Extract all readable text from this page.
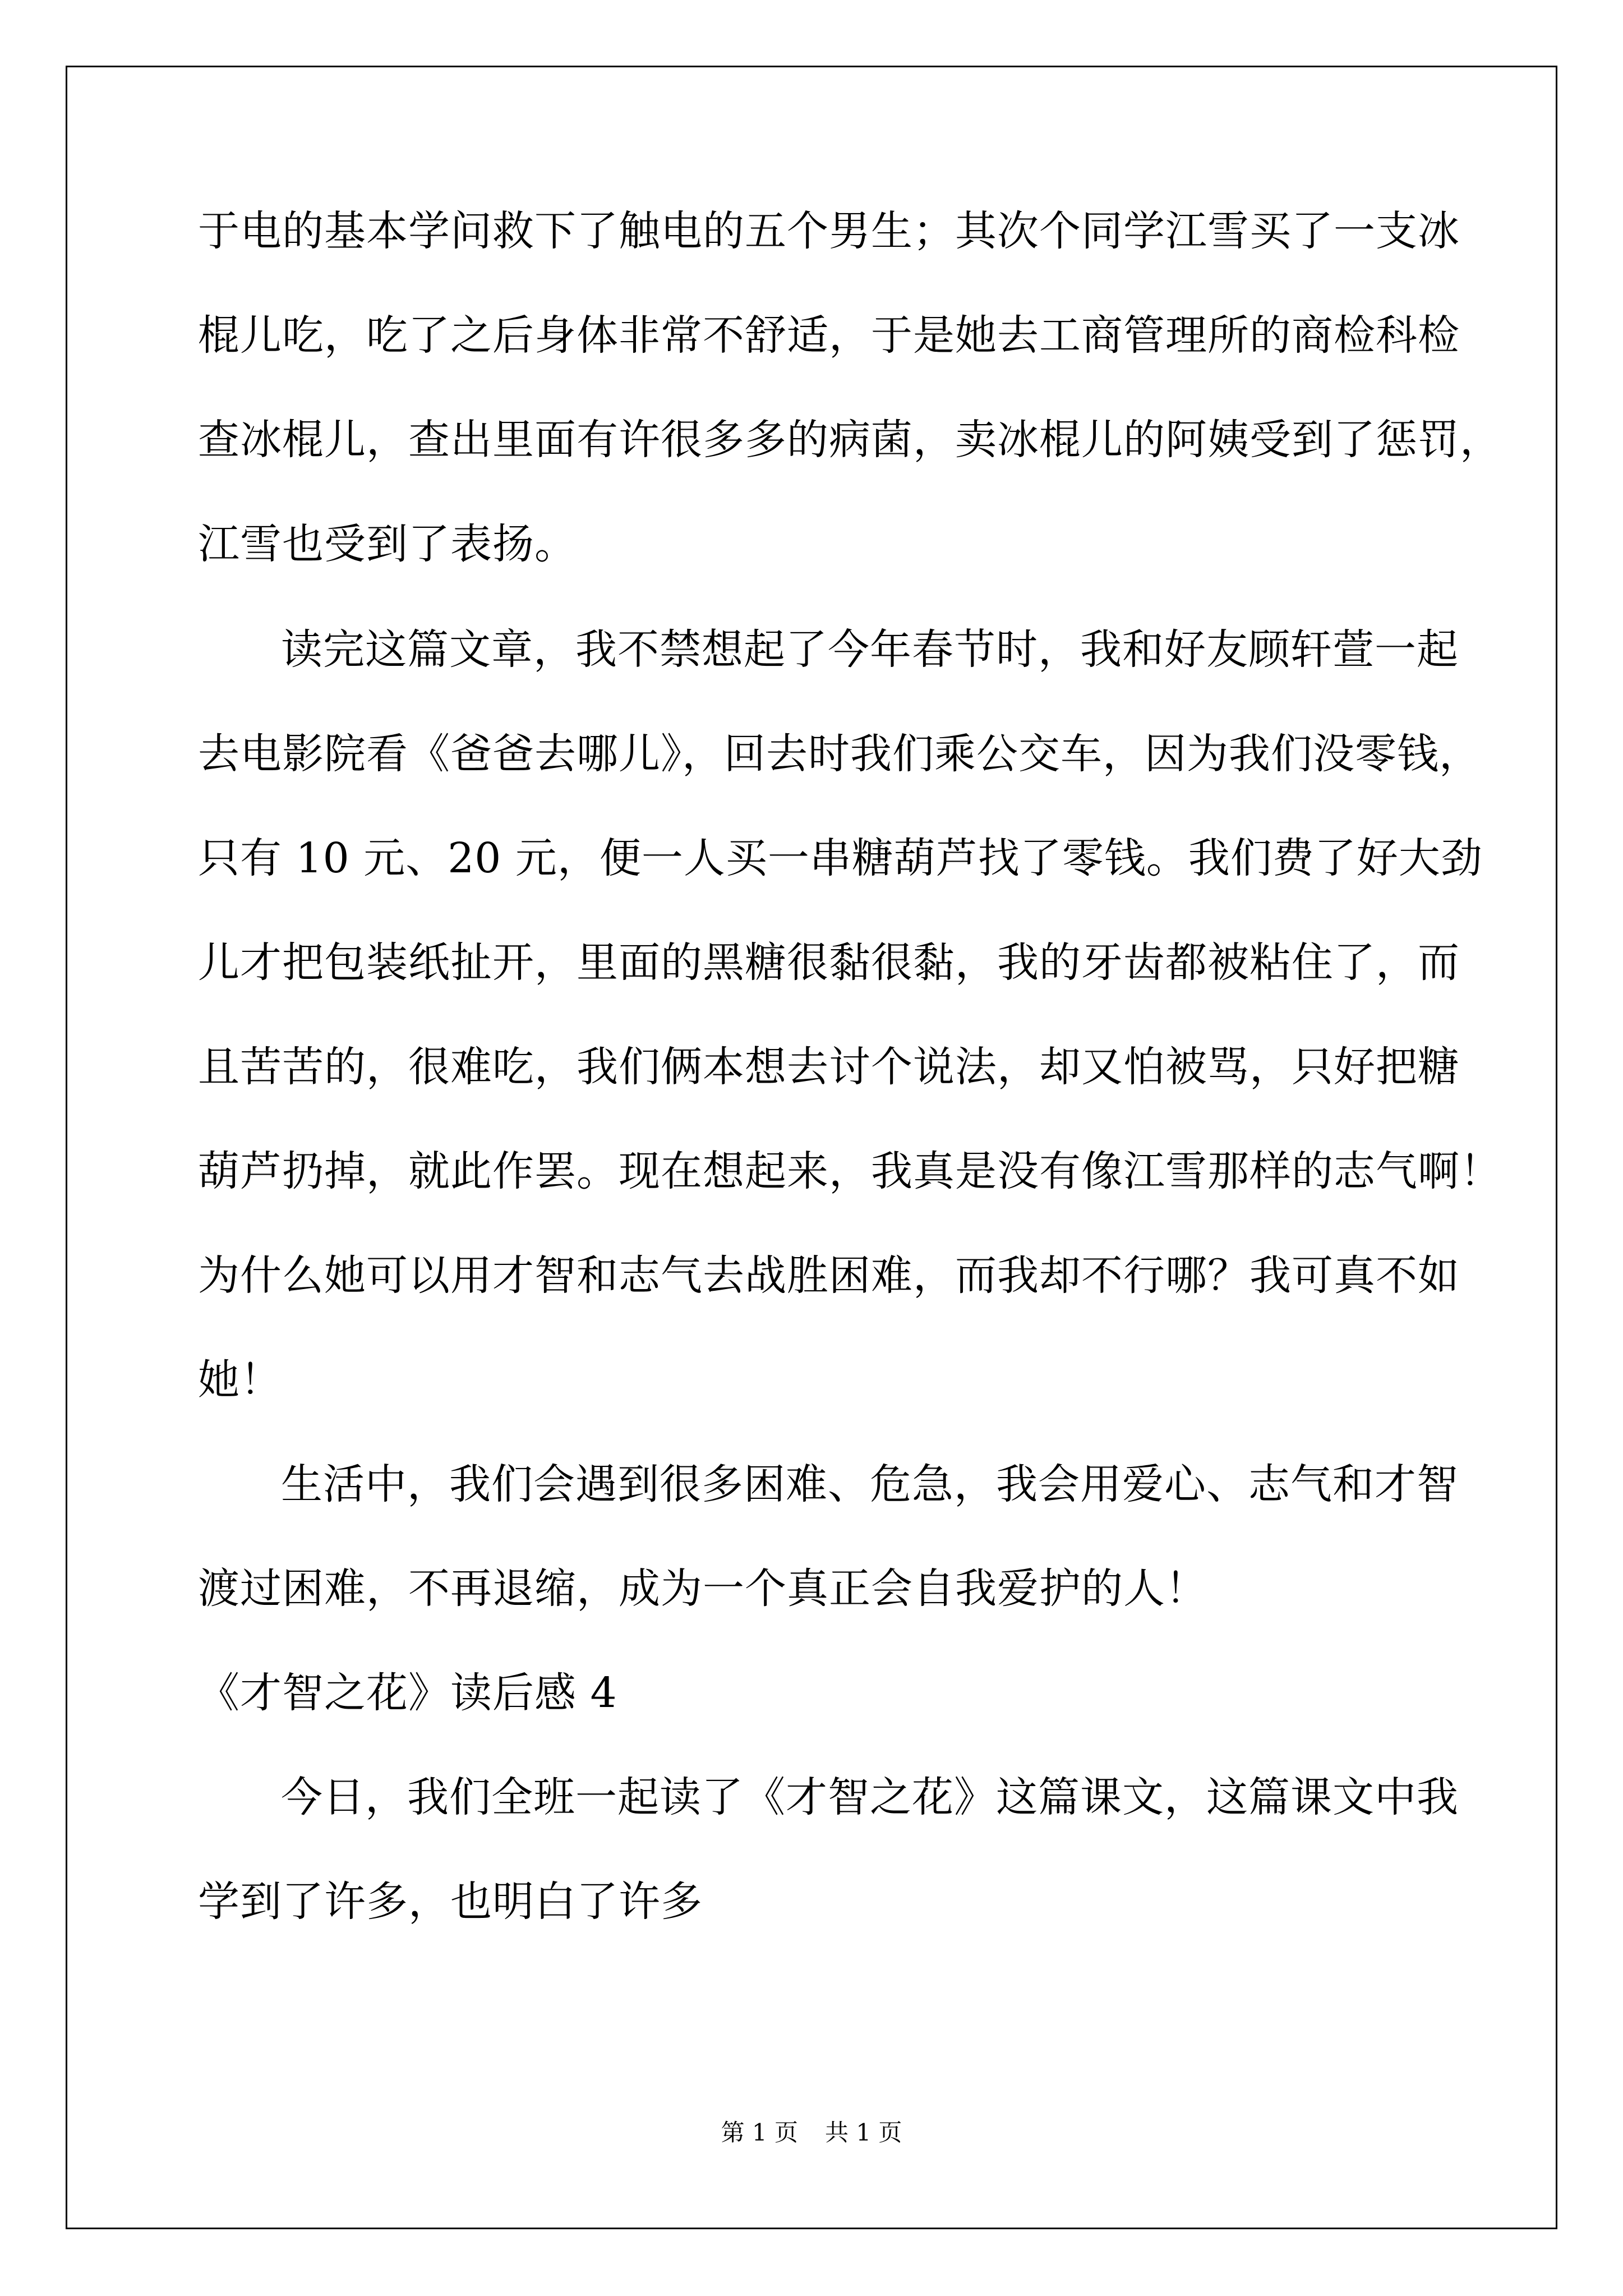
于电的基本学问救下了触电的五个男生；其次个同学江雪买了一支冰
棍儿吃，吃了之后身体非常不舒适，于是她去工商管理所的商检科检
查冰棍儿，查出里面有许很多多的病菌，卖冰棍儿的阿姨受到了惩罚，
江雪也受到了表扬。
读完这篇文章，我不禁想起了今年春节时，我和好友顾轩萱一起
去电影院看《爸爸去哪儿》，回去时我们乘公交车，因为我们没零钱，
只有 10 元、20 元，便一人买一串糖葫芦找了零钱。我们费了好大劲
儿才把包装纸扯开，里面的黑糖很黏很黏，我的牙齿都被粘住了，而
且苦苦的，很难吃，我们俩本想去讨个说法，却又怕被骂，只好把糖
葫芦扔掉，就此作罢。现在想起来，我真是没有像江雪那样的志气啊！
为什么她可以用才智和志气去战胜困难，而我却不行哪？我可真不如
她！
生活中，我们会遇到很多困难、危急，我会用爱心、志气和才智
渡过困难，不再退缩，成为一个真正会自我爱护的人！
《才智之花》读后感 4
今日，我们全班一起读了《才智之花》这篇课文，这篇课文中我
学到了许多，也明白了许多
第 1 页 共 1 页
